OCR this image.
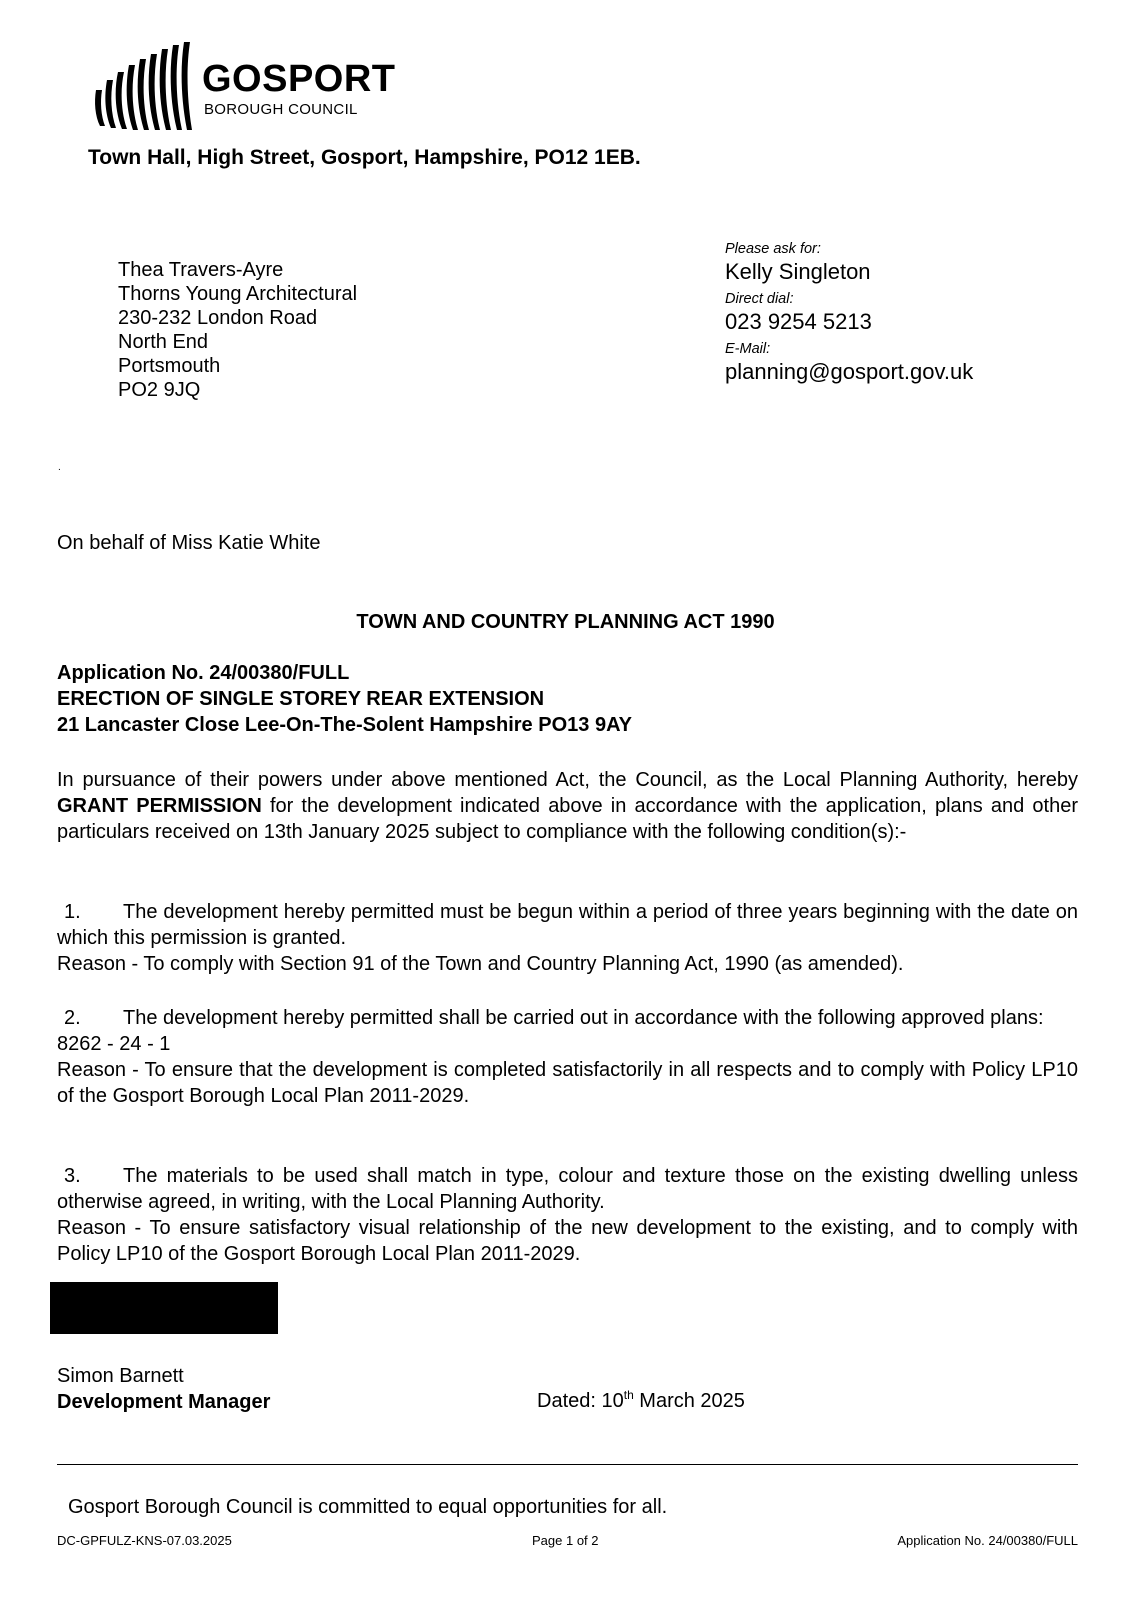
GOSPORT
BOROUGH COUNCIL
Town Hall, High Street, Gosport, Hampshire, PO12 1EB.
Thea Travers-Ayre
Thorns Young Architectural
230-232 London Road
North End
Portsmouth
PO2 9JQ
Please ask for:
Kelly Singleton
Direct dial:
023 9254 5213
E-Mail:
planning@gosport.gov.uk
.
On behalf of Miss Katie White
TOWN AND COUNTRY PLANNING ACT 1990
Application No. 24/00380/FULL
ERECTION OF SINGLE STOREY REAR EXTENSION
21 Lancaster Close Lee-On-The-Solent Hampshire PO13 9AY
In pursuance of their powers under above mentioned Act, the Council, as the Local Planning Authority, hereby GRANT PERMISSION for the development indicated above in accordance with the application, plans and other particulars received on 13th January 2025 subject to compliance with the following condition(s):-
1. The development hereby permitted must be begun within a period of three years beginning with the date on which this permission is granted.
Reason - To comply with Section 91 of the Town and Country Planning Act, 1990 (as amended).
2. The development hereby permitted shall be carried out in accordance with the following approved plans:
8262 - 24 - 1
Reason - To ensure that the development is completed satisfactorily in all respects and to comply with Policy LP10 of the Gosport Borough Local Plan 2011-2029.
3. The materials to be used shall match in type, colour and texture those on the existing dwelling unless otherwise agreed, in writing, with the Local Planning Authority.
Reason - To ensure satisfactory visual relationship of the new development to the existing, and to comply with Policy LP10 of the Gosport Borough Local Plan 2011-2029.
Simon Barnett
Development Manager	Dated: 10th March 2025
Gosport Borough Council is committed to equal opportunities for all.
DC-GPFULZ-KNS-07.03.2025	Page 1 of 2	Application No. 24/00380/FULL
